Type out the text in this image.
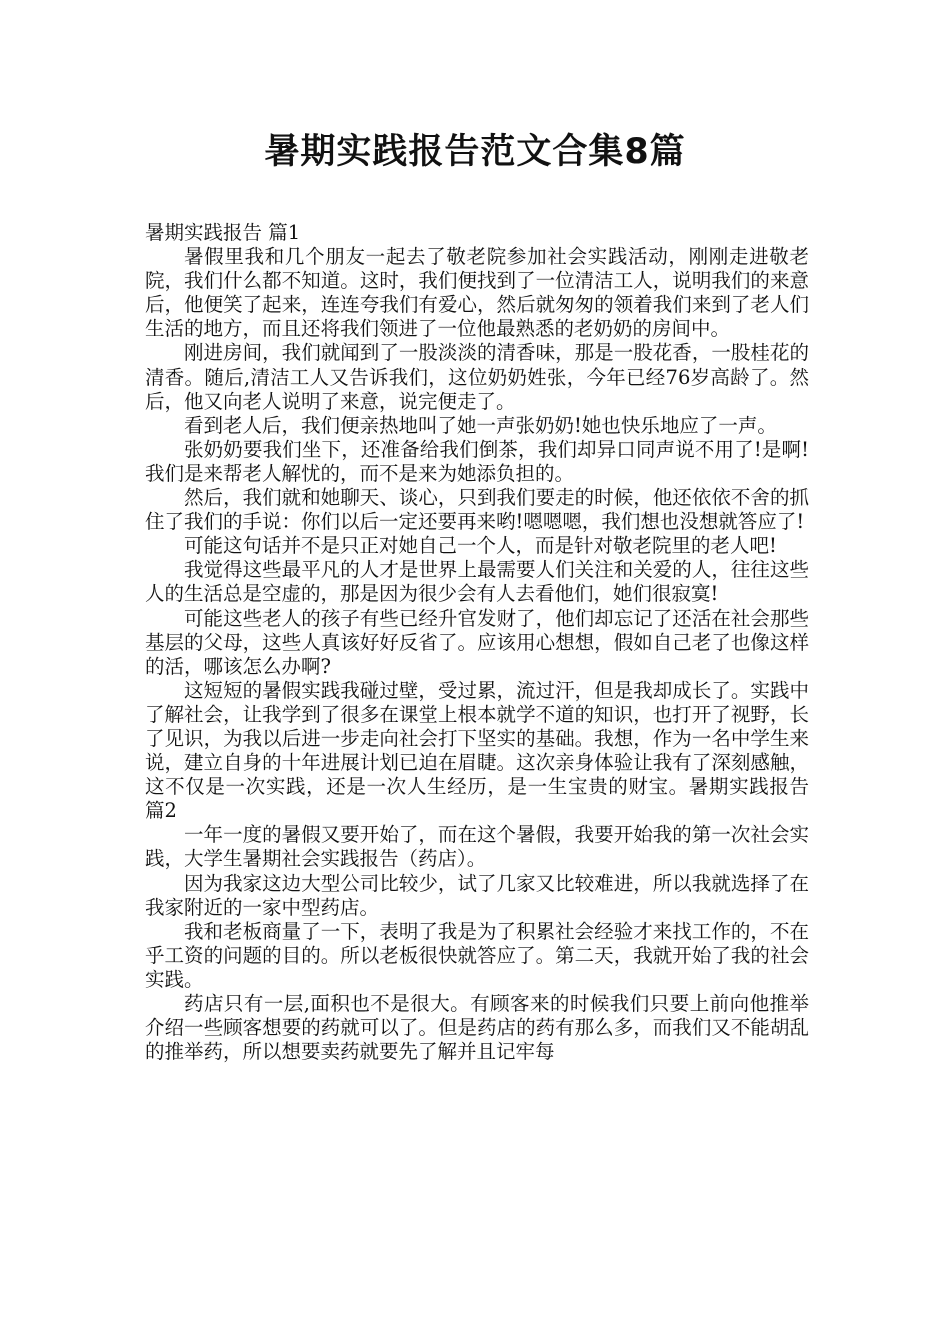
暑期实践报告范文合集8篇

暑期实践报告 篇1

暑假里我和几个朋友一起去了敬老院参加社会实践活动，刚刚走进敬老院，我们什么都不知道。这时，我们便找到了一位清洁工人，说明我们的来意后，他便笑了起来，连连夸我们有爱心，然后就匆匆的领着我们来到了老人们生活的地方，而且还将我们领进了一位他最熟悉的老奶奶的房间中。

刚进房间，我们就闻到了一股淡淡的清香味，那是一股花香，一股桂花的清香。随后,清洁工人又告诉我们，这位奶奶姓张，今年已经76岁高龄了。然后，他又向老人说明了来意，说完便走了。

看到老人后，我们便亲热地叫了她一声张奶奶!她也快乐地应了一声。

张奶奶要我们坐下，还准备给我们倒茶，我们却异口同声说不用了!是啊!我们是来帮老人解忧的，而不是来为她添负担的。

然后，我们就和她聊天、谈心，只到我们要走的时候，他还依依不舍的抓住了我们的手说：你们以后一定还要再来哟!嗯嗯嗯，我们想也没想就答应了!

可能这句话并不是只正对她自己一个人，而是针对敬老院里的老人吧!

我觉得这些最平凡的人才是世界上最需要人们关注和关爱的人，往往这些人的生活总是空虚的，那是因为很少会有人去看他们，她们很寂寞!

可能这些老人的孩子有些已经升官发财了，他们却忘记了还活在社会那些基层的父母，这些人真该好好反省了。应该用心想想，假如自己老了也像这样的活，哪该怎么办啊?

这短短的暑假实践我碰过壁，受过累，流过汗，但是我却成长了。实践中了解社会，让我学到了很多在课堂上根本就学不道的知识，也打开了视野，长了见识，为我以后进一步走向社会打下坚实的基础。我想，作为一名中学生来说，建立自身的十年进展计划已迫在眉睫。这次亲身体验让我有了深刻感触，这不仅是一次实践，还是一次人生经历，是一生宝贵的财宝。暑期实践报告 篇2

一年一度的暑假又要开始了，而在这个暑假，我要开始我的第一次社会实践，大学生暑期社会实践报告（药店）。

因为我家这边大型公司比较少，试了几家又比较难进，所以我就选择了在我家附近的一家中型药店。

我和老板商量了一下，表明了我是为了积累社会经验才来找工作的，不在乎工资的问题的目的。所以老板很快就答应了。第二天，我就开始了我的社会实践。

药店只有一层,面积也不是很大。有顾客来的时候我们只要上前向他推举介绍一些顾客想要的药就可以了。但是药店的药有那么多，而我们又不能胡乱的推举药，所以想要卖药就要先了解并且记牢每
